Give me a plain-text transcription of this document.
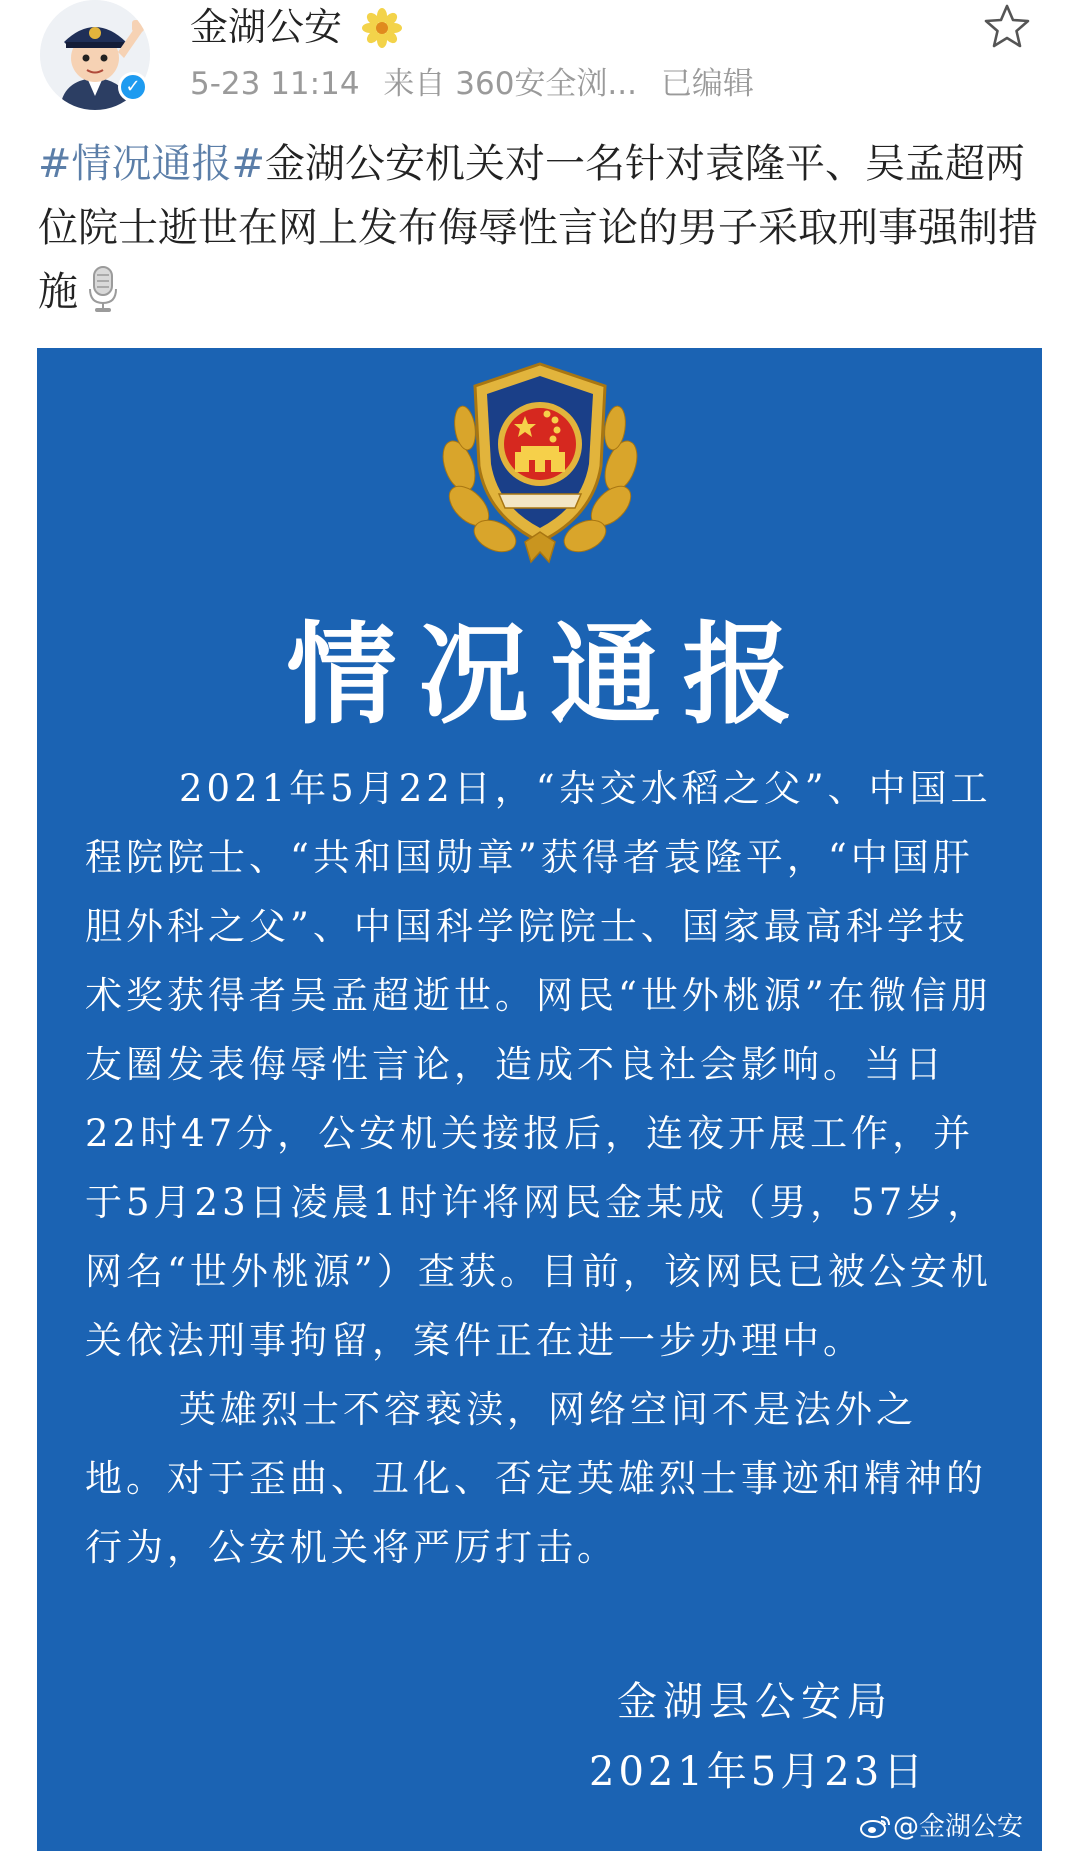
✓
金湖公安
5-23 11:14 来自 360安全浏... 已编辑
#情况通报#金湖公安机关对一名针对袁隆平、吴孟超两位院士逝世在网上发布侮辱性言论的男子采取刑事强制措施
情况通报

2021年5月22日，“杂交水稻之父”、中国工程院院士、“共和国勋章”获得者袁隆平，“中国肝胆外科之父”、中国科学院院士、国家最高科学技术奖获得者吴孟超逝世。网民“世外桃源”在微信朋友圈发表侮辱性言论，造成不良社会影响。当日22时47分，公安机关接报后，连夜开展工作，并于5月23日凌晨1时许将网民金某成（男，57岁，网名“世外桃源”）查获。目前，该网民已被公安机关依法刑事拘留，案件正在进一步办理中。

英雄烈士不容亵渎，网络空间不是法外之地。对于歪曲、丑化、否定英雄烈士事迹和精神的行为，公安机关将严厉打击。

金湖县公安局
2021年5月23日
@金湖公安
